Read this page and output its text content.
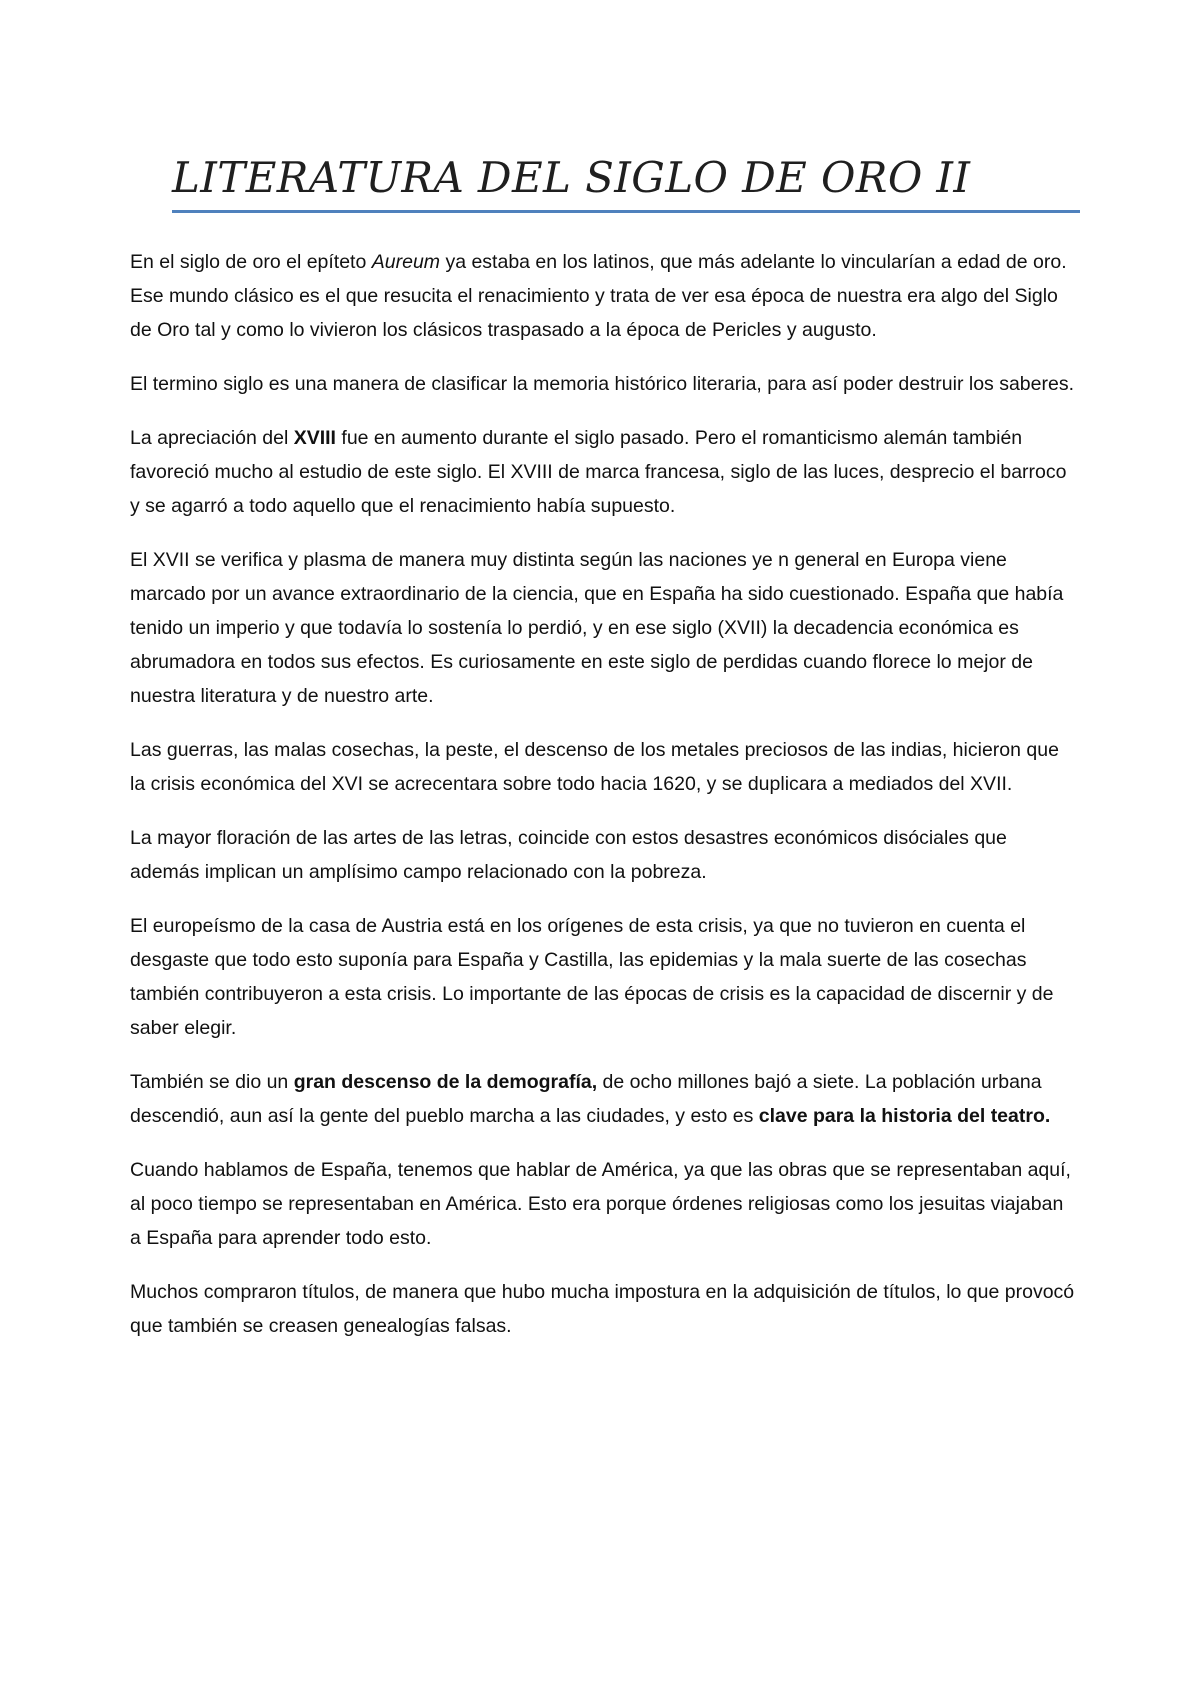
LITERATURA DEL SIGLO DE ORO II

En el siglo de oro el epíteto Aureum ya estaba en los latinos, que más adelante lo vincularían a edad de oro. Ese mundo clásico es el que resucita el renacimiento y trata de ver esa época de nuestra era algo del Siglo de Oro tal y como lo vivieron los clásicos traspasado a la época de Pericles y augusto.

El termino siglo es una manera de clasificar la memoria histórico literaria, para así poder destruir los saberes.

La apreciación del XVIII fue en aumento durante el siglo pasado. Pero el romanticismo alemán también favoreció mucho al estudio de este siglo. El XVIII de marca francesa, siglo de las luces, desprecio el barroco y se agarró a todo aquello que el renacimiento había supuesto.

El XVII se verifica y plasma de manera muy distinta según las naciones ye n general en Europa viene marcado por un avance extraordinario de la ciencia, que en España ha sido cuestionado. España que había tenido un imperio y que todavía lo sostenía lo perdió, y en ese siglo (XVII) la decadencia económica es abrumadora en todos sus efectos. Es curiosamente en este siglo de perdidas cuando florece lo mejor de nuestra literatura y de nuestro arte.

Las guerras, las malas cosechas, la peste, el descenso de los metales preciosos de las indias, hicieron que la crisis económica del XVI se acrecentara sobre todo hacia 1620, y se duplicara a mediados del XVII.

La mayor floración de las artes de las letras, coincide con estos desastres económicos disóciales que además implican un amplísimo campo relacionado con la pobreza.

El europeísmo de la casa de Austria está en los orígenes de esta crisis, ya que no tuvieron en cuenta el desgaste que todo esto suponía para España y Castilla, las epidemias y la mala suerte de las cosechas también contribuyeron a esta crisis. Lo importante de las épocas de crisis es la capacidad de discernir y de saber elegir.

También se dio un gran descenso de la demografía, de ocho millones bajó a siete. La población urbana descendió, aun así la gente del pueblo marcha a las ciudades, y esto es clave para la historia del teatro.

Cuando hablamos de España, tenemos que hablar de América, ya que las obras que se representaban aquí, al poco tiempo se representaban en América. Esto era porque órdenes religiosas como los jesuitas viajaban a España para aprender todo esto.

Muchos compraron títulos, de manera que hubo mucha impostura en la adquisición de títulos, lo que provocó que también se creasen genealogías falsas.
